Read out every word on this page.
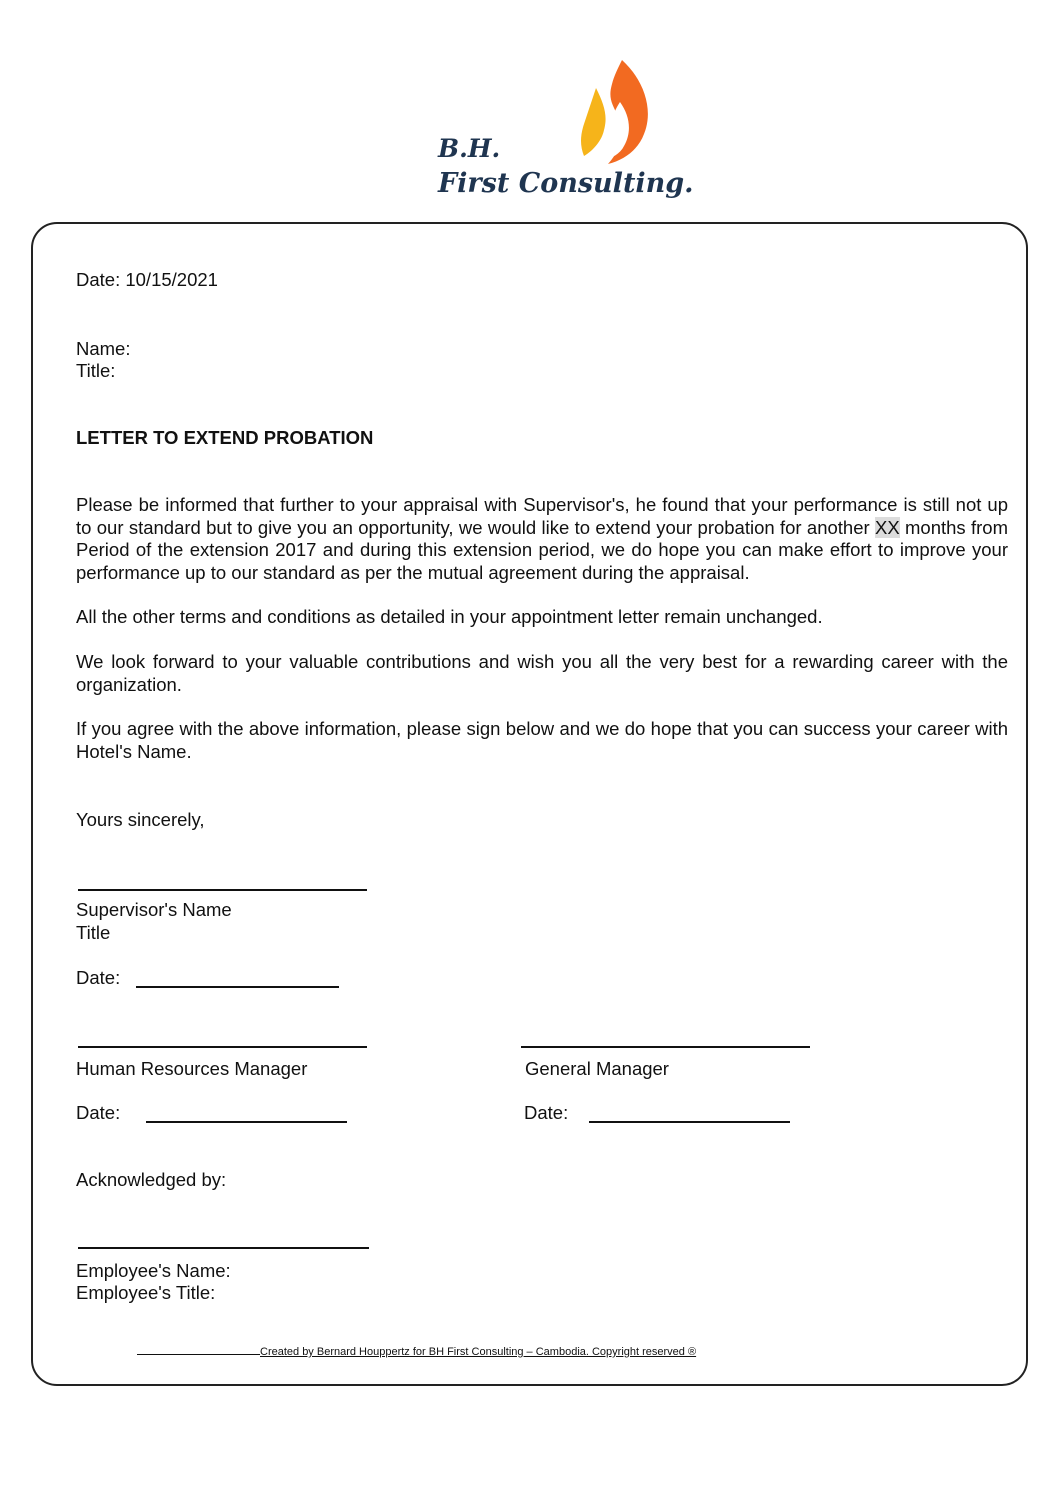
B.H.
First Consulting.
Date: 10/15/2021
Name:
Title:
LETTER TO EXTEND PROBATION
Please be informed that further to your appraisal with Supervisor's, he found that your performance is still not up to our standard but to give you an opportunity, we would like to extend your probation for another XX months from Period of the extension 2017 and during this extension period, we do hope you can make effort to improve your performance up to our standard as per the mutual agreement during the appraisal.
All the other terms and conditions as detailed in your appointment letter remain unchanged.
We look forward to your valuable contributions and wish you all the very best for a rewarding career with the organization.
If you agree with the above information, please sign below and we do hope that you can success your career with Hotel's Name.
Yours sincerely,
Supervisor's Name
Title
Date:
Human Resources Manager
Date:
General Manager
Date:
Acknowledged by:
Employee's Name:
Employee's Title:
Created by Bernard Houppertz for BH First Consulting – Cambodia. Copyright reserved ®
